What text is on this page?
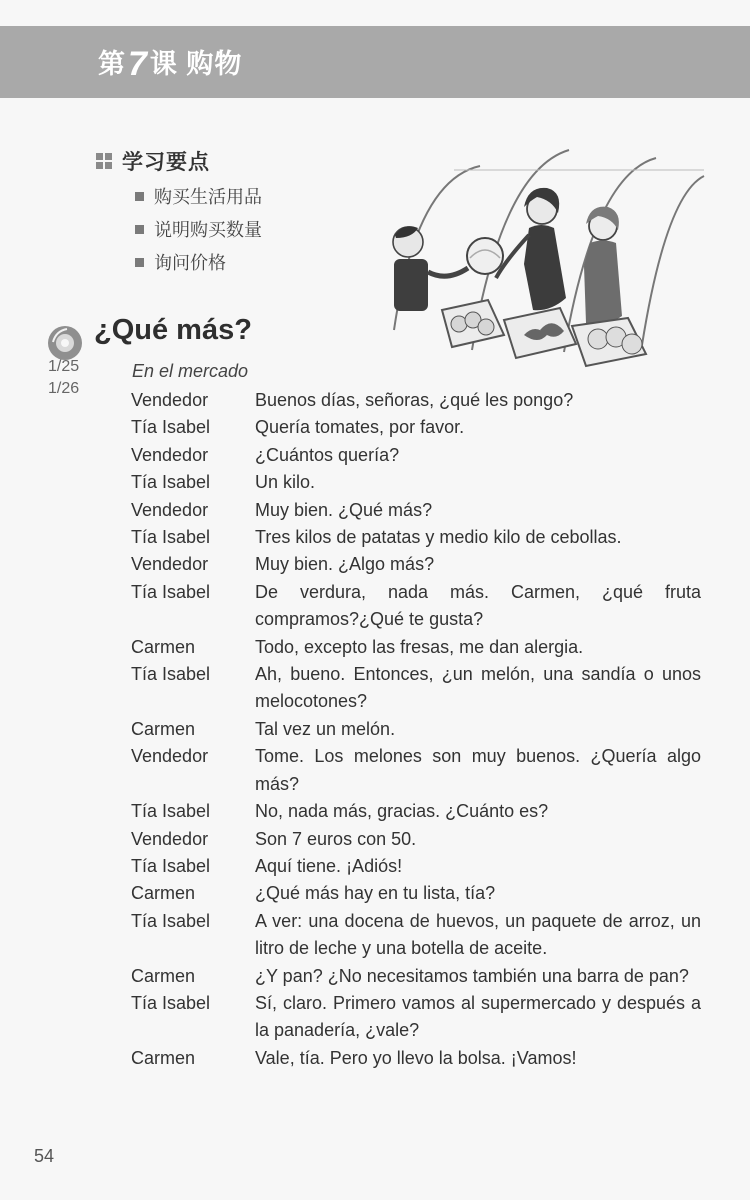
第7课 购物
学习要点
购买生活用品
说明购买数量
询问价格
¿Qué más?
1/25
1/26
En el mercado
Vendedor	Buenos días, señoras, ¿qué les pongo?
Tía Isabel	Quería tomates, por favor.
Vendedor	¿Cuántos quería?
Tía Isabel	Un kilo.
Vendedor	Muy bien. ¿Qué más?
Tía Isabel	Tres kilos de patatas y medio kilo de cebollas.
Vendedor	Muy bien. ¿Algo más?
Tía Isabel	De verdura, nada más. Carmen, ¿qué fruta compramos?¿Qué te gusta?
Carmen	Todo, excepto las fresas, me dan alergia.
Tía Isabel	Ah, bueno. Entonces, ¿un melón, una sandía o unos melocotones?
Carmen	Tal vez un melón.
Vendedor	Tome. Los melones son muy buenos. ¿Quería algo más?
Tía Isabel	No, nada más, gracias. ¿Cuánto es?
Vendedor	Son 7 euros con 50.
Tía Isabel	Aquí tiene. ¡Adiós!
Carmen	¿Qué más hay en tu lista, tía?
Tía Isabel	A ver: una docena de huevos, un paquete de arroz, un litro de leche y una botella de aceite.
Carmen	¿Y pan? ¿No necesitamos también una barra de pan?
Tía Isabel	Sí, claro. Primero vamos al supermercado y después a la panadería, ¿vale?
Carmen	Vale, tía. Pero yo llevo la bolsa. ¡Vamos!
54
